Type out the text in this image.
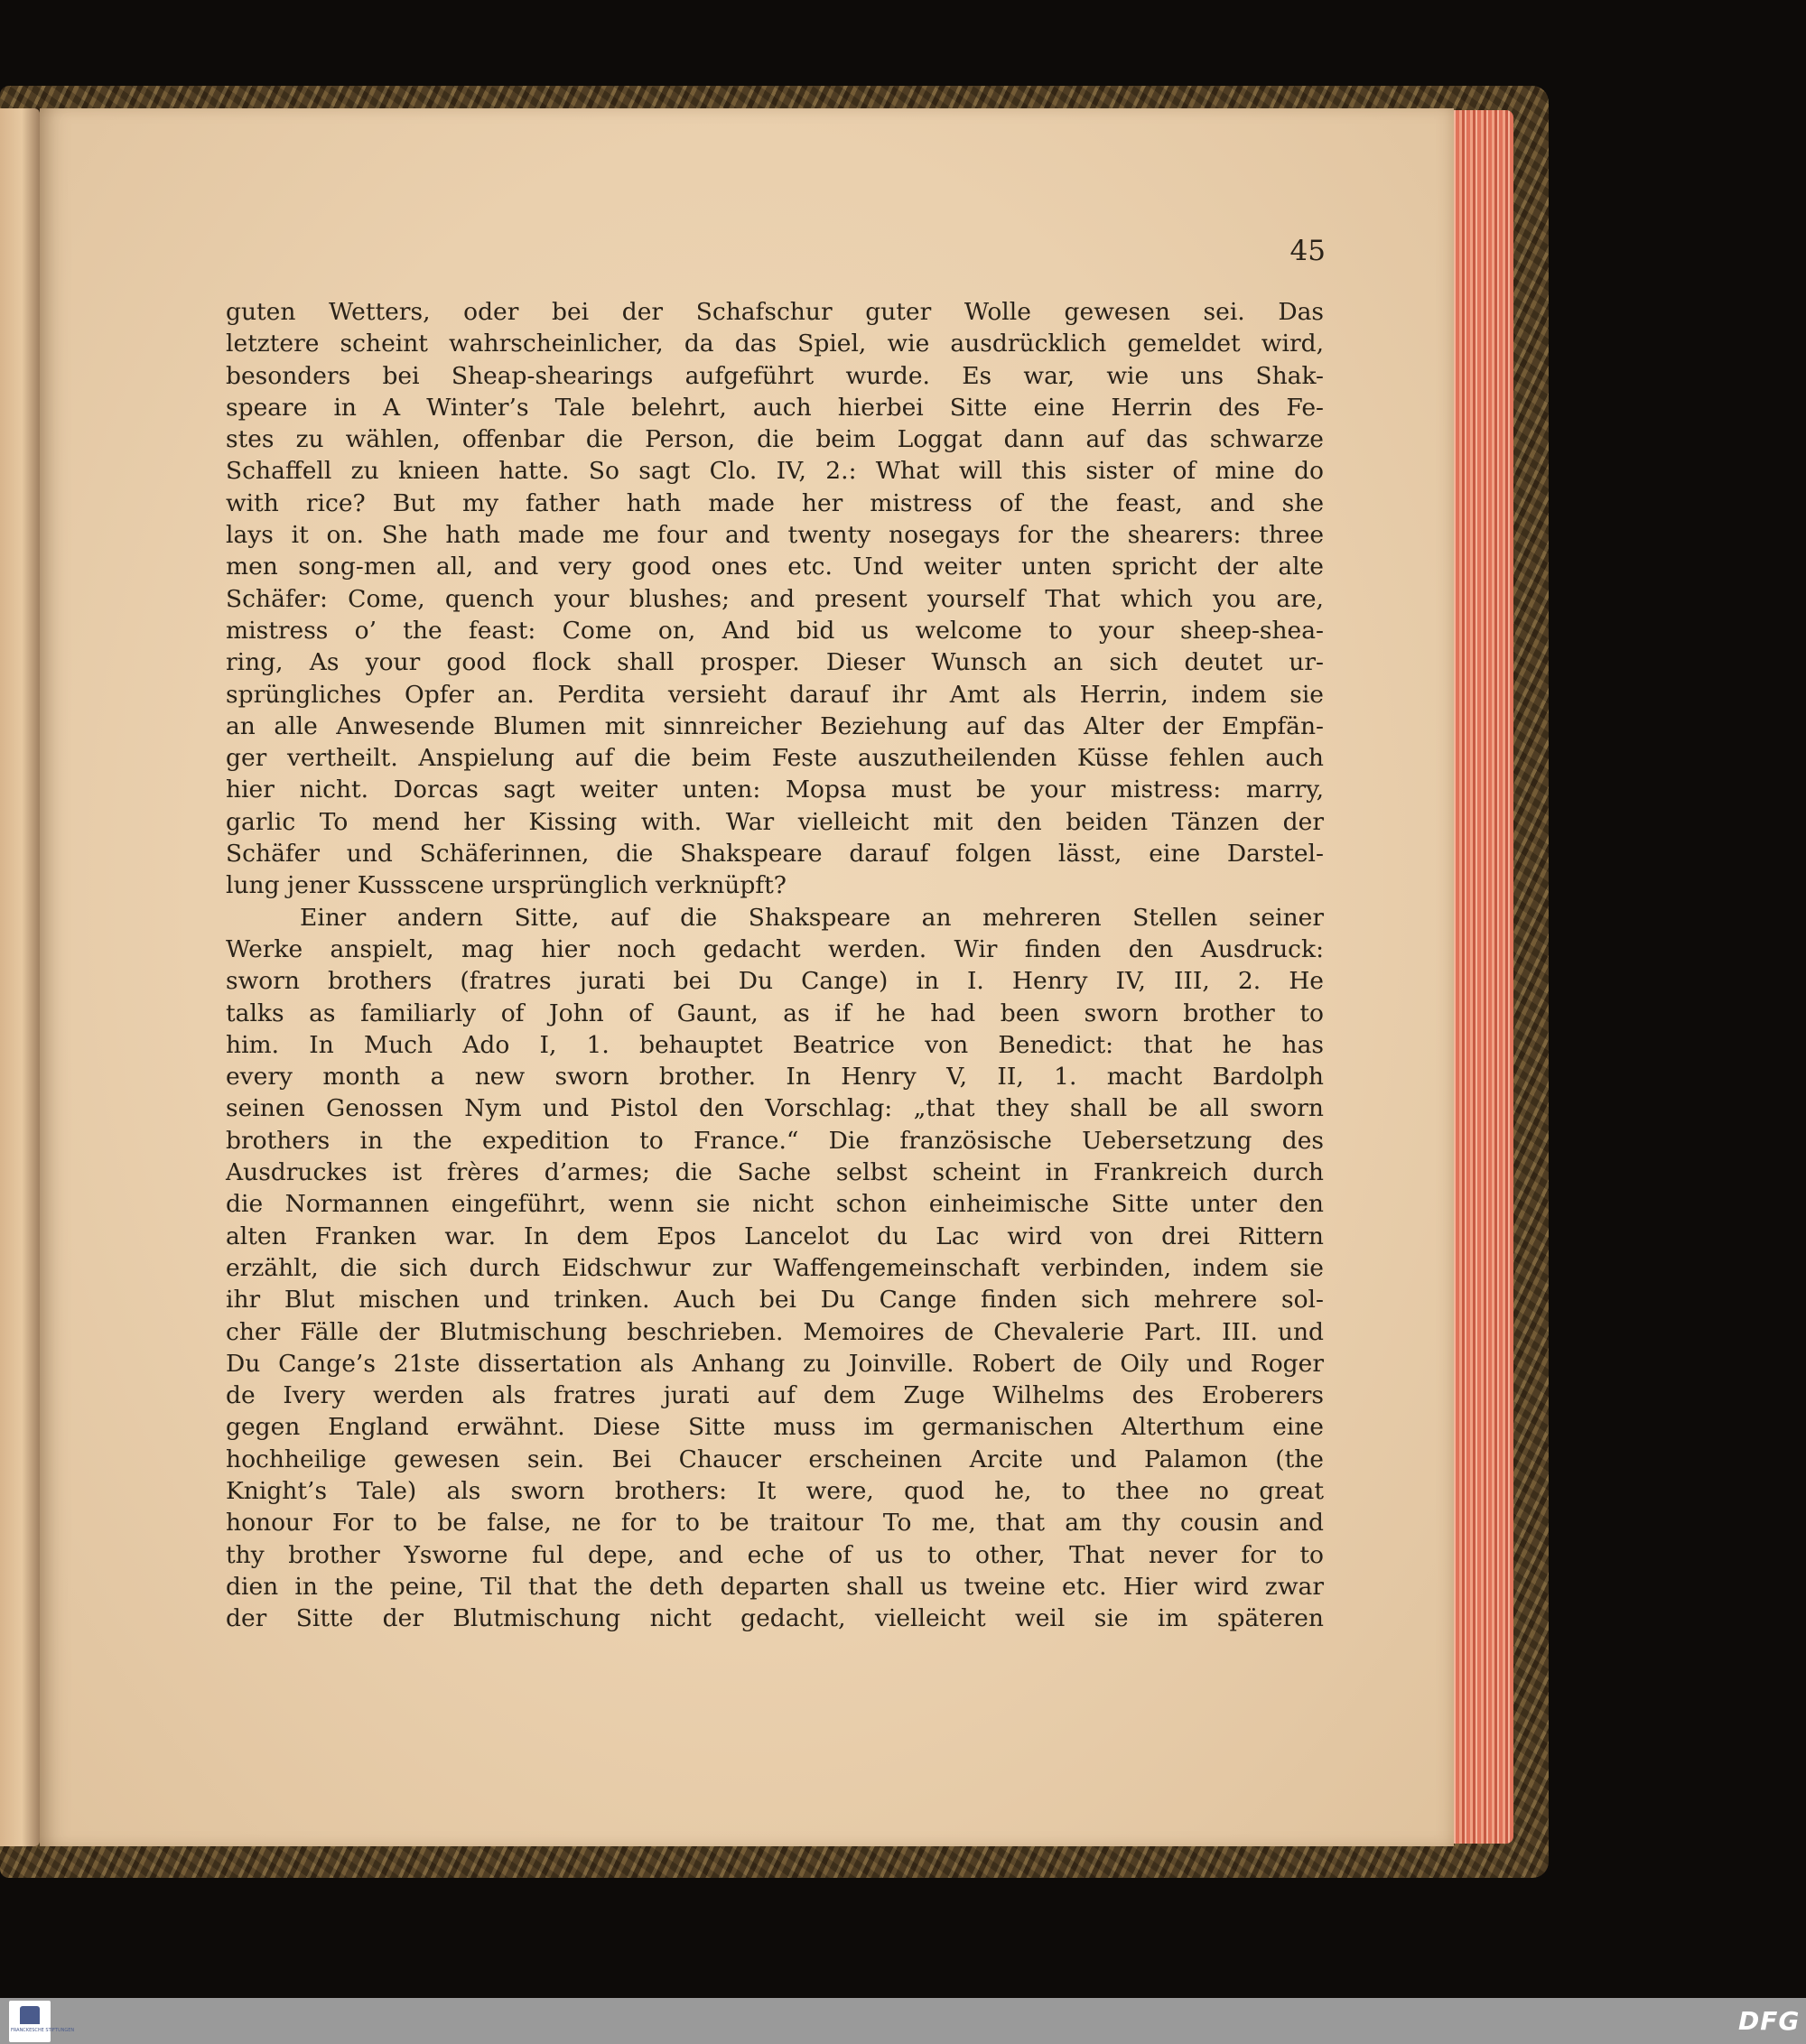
45
guten Wetters, oder bei der Schafschur guter Wolle gewesen sei. Das
letztere scheint wahrscheinlicher, da das Spiel, wie ausdrücklich gemeldet wird,
besonders bei Sheap-shearings aufgeführt wurde. Es war, wie uns Shak-
speare in A Winter’s Tale belehrt, auch hierbei Sitte eine Herrin des Fe-
stes zu wählen, offenbar die Person, die beim Loggat dann auf das schwarze
Schaffell zu knieen hatte. So sagt Clo. IV, 2.: What will this sister of mine do
with rice? But my father hath made her mistress of the feast, and she
lays it on. She hath made me four and twenty nosegays for the shearers: three
men song-men all, and very good ones etc. Und weiter unten spricht der alte
Schäfer: Come, quench your blushes; and present yourself That which you are,
mistress o’ the feast: Come on, And bid us welcome to your sheep-shea-
ring, As your good flock shall prosper. Dieser Wunsch an sich deutet ur-
sprüngliches Opfer an. Perdita versieht darauf ihr Amt als Herrin, indem sie
an alle Anwesende Blumen mit sinnreicher Beziehung auf das Alter der Empfän-
ger vertheilt. Anspielung auf die beim Feste auszutheilenden Küsse fehlen auch
hier nicht. Dorcas sagt weiter unten: Mopsa must be your mistress: marry,
garlic To mend her Kissing with. War vielleicht mit den beiden Tänzen der
Schäfer und Schäferinnen, die Shakspeare darauf folgen lässt, eine Darstel-
lung jener Kussscene ursprünglich verknüpft?
Einer andern Sitte, auf die Shakspeare an mehreren Stellen seiner
Werke anspielt, mag hier noch gedacht werden. Wir finden den Ausdruck:
sworn brothers (fratres jurati bei Du Cange) in I. Henry IV, III, 2. He
talks as familiarly of John of Gaunt, as if he had been sworn brother to
him. In Much Ado I, 1. behauptet Beatrice von Benedict: that he has
every month a new sworn brother. In Henry V, II, 1. macht Bardolph
seinen Genossen Nym und Pistol den Vorschlag: „that they shall be all sworn
brothers in the expedition to France.“ Die französische Uebersetzung des
Ausdruckes ist frères d’armes; die Sache selbst scheint in Frankreich durch
die Normannen eingeführt, wenn sie nicht schon einheimische Sitte unter den
alten Franken war. In dem Epos Lancelot du Lac wird von drei Rittern
erzählt, die sich durch Eidschwur zur Waffengemeinschaft verbinden, indem sie
ihr Blut mischen und trinken. Auch bei Du Cange finden sich mehrere sol-
cher Fälle der Blutmischung beschrieben. Memoires de Chevalerie Part. III. und
Du Cange’s 21ste dissertation als Anhang zu Joinville. Robert de Oily und Roger
de Ivery werden als fratres jurati auf dem Zuge Wilhelms des Eroberers
gegen England erwähnt. Diese Sitte muss im germanischen Alterthum eine
hochheilige gewesen sein. Bei Chaucer erscheinen Arcite und Palamon (the
Knight’s Tale) als sworn brothers: It were, quod he, to thee no great
honour For to be false, ne for to be traitour To me, that am thy cousin and
thy brother Ysworne ful depe, and eche of us to other, That never for to
dien in the peine, Til that the deth departen shall us tweine etc. Hier wird zwar
der Sitte der Blutmischung nicht gedacht, vielleicht weil sie im späteren
FRANCKESCHE STIFTUNGEN	DFG
